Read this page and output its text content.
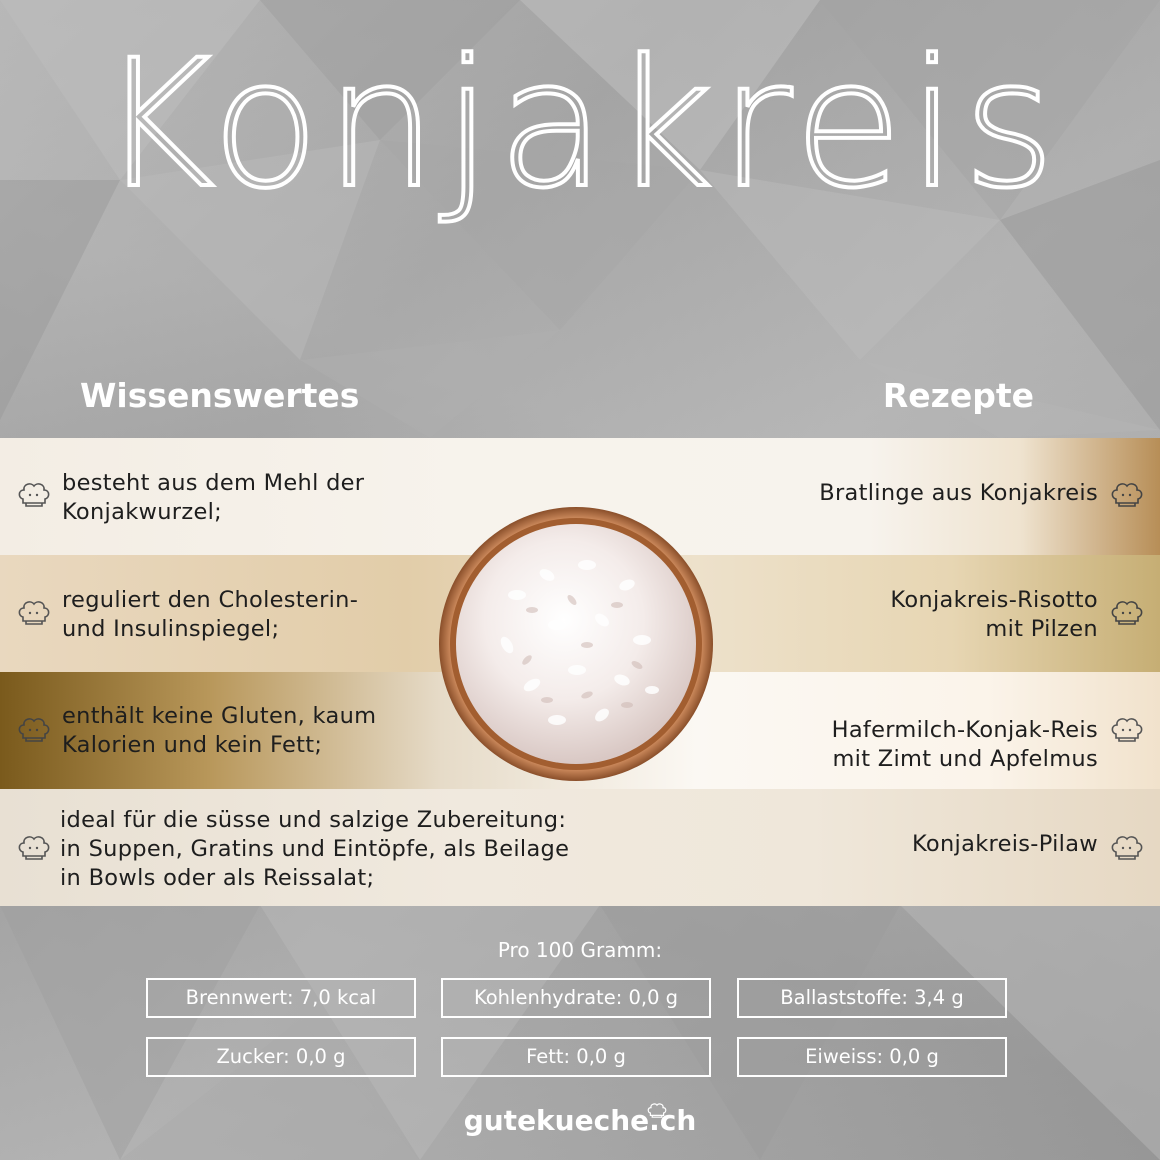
Konjakreis
Wissenswertes	Rezepte
besteht aus dem Mehl der
Konjakwurzel;
reguliert den Cholesterin-
und Insulinspiegel;
enthält keine Gluten, kaum
Kalorien und kein Fett;
ideal für die süsse und salzige Zubereitung:
in Suppen, Gratins und Eintöpfe, als Beilage
in Bowls oder als Reissalat;
Bratlinge aus Konjakreis
Konjakreis-Risotto
mit Pilzen
Hafermilch-Konjak-Reis
mit Zimt und Apfelmus
Konjakreis-Pilaw
Pro 100 Gramm:
Brennwert: 7,0 kcal	Kohlenhydrate: 0,0 g	Ballaststoffe: 3,4 g
Zucker: 0,0 g	Fett: 0,0 g	Eiweiss: 0,0 g
gutekueche.ch
